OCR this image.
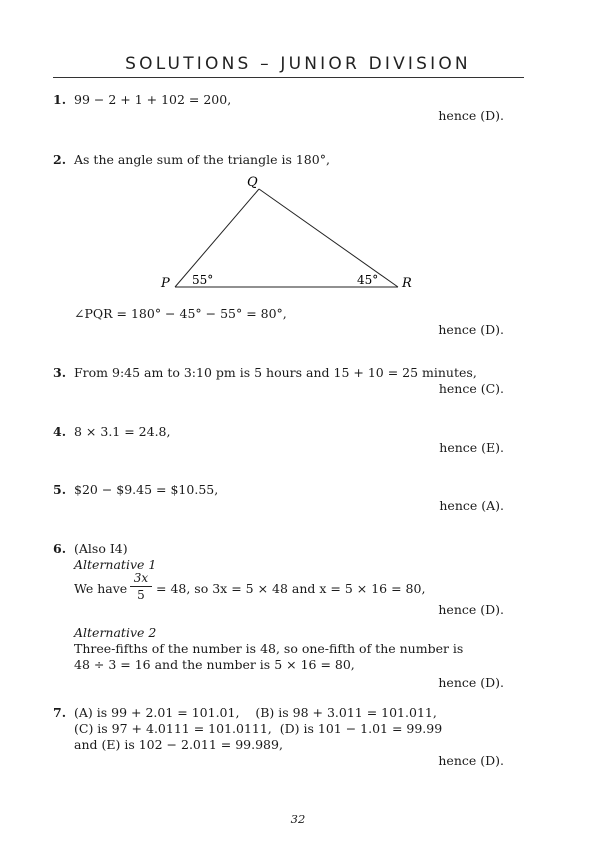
SOLUTIONS – JUNIOR DIVISION
1. 99 − 2 + 1 + 102 = 200,
hence (D).
2. As the angle sum of the triangle is 180°,
Q
P	R
55°	45°
∠PQR = 180° − 45° − 55° = 80°,
hence (D).
3. From 9:45 am to 3:10 pm is 5 hours and 15 + 10 = 25 minutes,
hence (C).
4. 8 × 3.1 = 24.8,
hence (E).
5. $20 − $9.45 = $10.55,
hence (A).
6. (Also I4)
Alternative 1
We have
3x
5 = 48, so 3x = 5 × 48 and x = 5 × 16 = 80,
hence (D).
Alternative 2
Three-fifths of the number is 48, so one-fifth of the number is
48 ÷ 3 = 16 and the number is 5 × 16 = 80,
hence (D).
7. (A) is 99 + 2.01 = 101.01,    (B) is 98 + 3.011 = 101.011,
(C) is 97 + 4.0111 = 101.0111,  (D) is 101 − 1.01 = 99.99
and (E) is 102 − 2.011 = 99.989,
hence (D).
32
